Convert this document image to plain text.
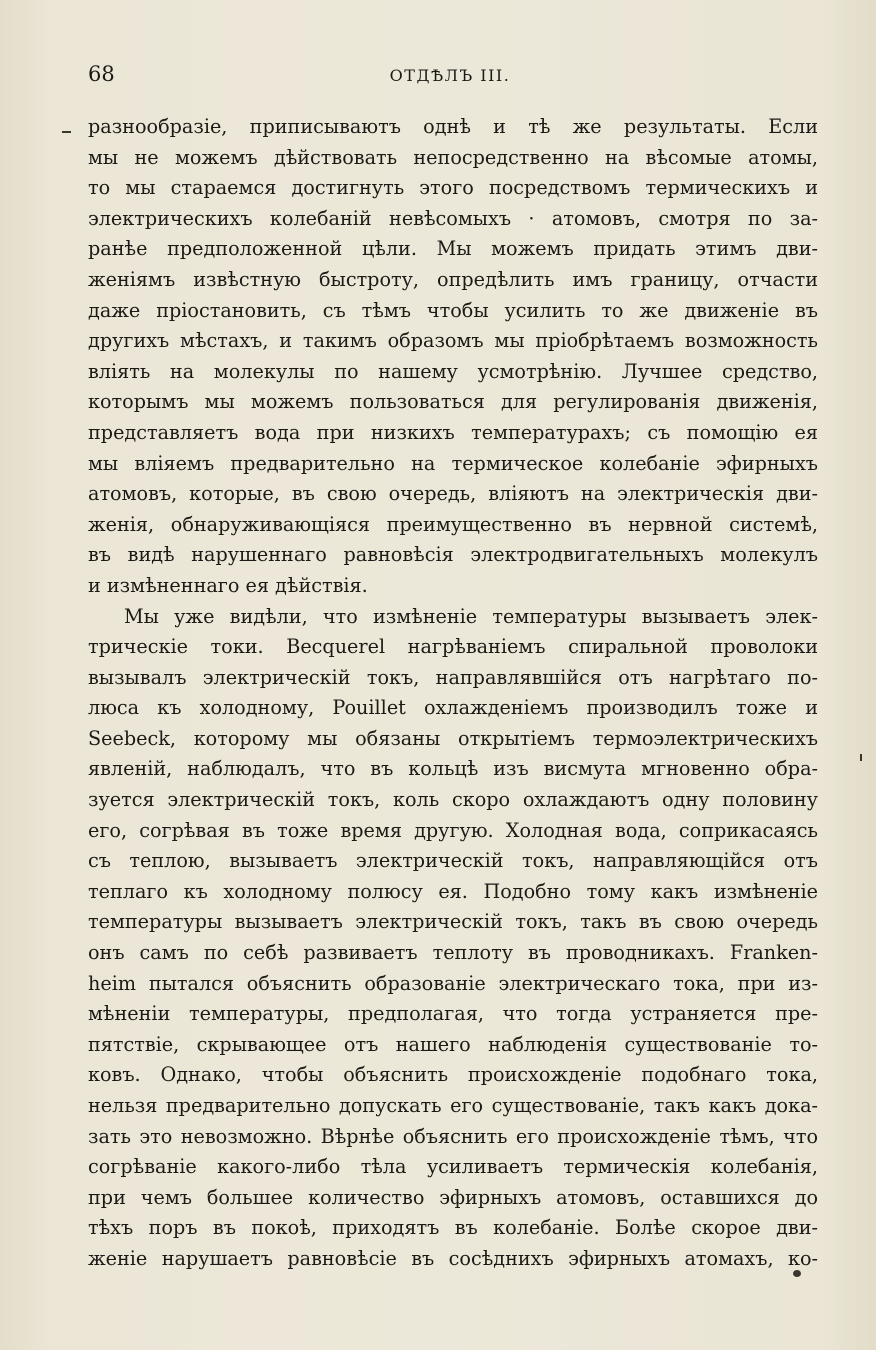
68	ОТДѢЛЪ III.
разнообразіе, приписываютъ однѣ и тѣ же результаты. Если
мы не можемъ дѣйствовать непосредственно на вѣсомые атомы,
то мы стараемся достигнуть этого посредствомъ термическихъ и
электрическихъ колебаній невѣсомыхъ · атомовъ, смотря по за-
ранѣе предположенной цѣли. Мы можемъ придать этимъ дви-
женіямъ извѣстную быстроту, опредѣлить имъ границу, отчасти
даже пріостановить, съ тѣмъ чтобы усилить то же движеніе въ
другихъ мѣстахъ, и такимъ образомъ мы пріобрѣтаемъ возможность
вліять на молекулы по нашему усмотрѣнію. Лучшее средство,
которымъ мы можемъ пользоваться для регулированія движенія,
представляетъ вода при низкихъ температурахъ; съ помощію ея
мы вліяемъ предварительно на термическое колебаніе эфирныхъ
атомовъ, которые, въ свою очередь, вліяютъ на электрическія дви-
женія, обнаруживающіяся преимущественно въ нервной системѣ,
въ видѣ нарушеннаго равновѣсія электродвигательныхъ молекулъ
и измѣненнаго ея дѣйствія.
Мы уже видѣли, что измѣненіе температуры вызываетъ элек-
трическіе токи. Becquerel нагрѣваніемъ спиральной проволоки
вызывалъ электрическій токъ, направлявшійся отъ нагрѣтаго по-
люса къ холодному, Pouillet охлажденіемъ производилъ тоже и
Seebeck, которому мы обязаны открытіемъ термоэлектрическихъ
явленій, наблюдалъ, что въ кольцѣ изъ висмута мгновенно обра-
зуется электрическій токъ, коль скоро охлаждаютъ одну половину
его, согрѣвая въ тоже время другую. Холодная вода, соприкасаясь
съ теплою, вызываетъ электрическій токъ, направляющійся отъ
теплаго къ холодному полюсу ея. Подобно тому какъ измѣненіе
температуры вызываетъ электрическій токъ, такъ въ свою очередь
онъ самъ по себѣ развиваетъ теплоту въ проводникахъ. Franken-
heim пытался объяснить образованіе электрическаго тока, при из-
мѣненіи температуры, предполагая, что тогда устраняется пре-
пятствіе, скрывающее отъ нашего наблюденія существованіе то-
ковъ. Однако, чтобы объяснить происхожденіе подобнаго тока,
нельзя предварительно допускать его существованіе, такъ какъ дока-
зать это невозможно. Вѣрнѣе объяснить его происхожденіе тѣмъ, что
согрѣваніе какого-либо тѣла усиливаетъ термическія колебанія,
при чемъ большее количество эфирныхъ атомовъ, оставшихся до
тѣхъ поръ въ покоѣ, приходятъ въ колебаніе. Болѣе скорое дви-
женіе нарушаетъ равновѣсіе въ сосѣднихъ эфирныхъ атомахъ, ко-
